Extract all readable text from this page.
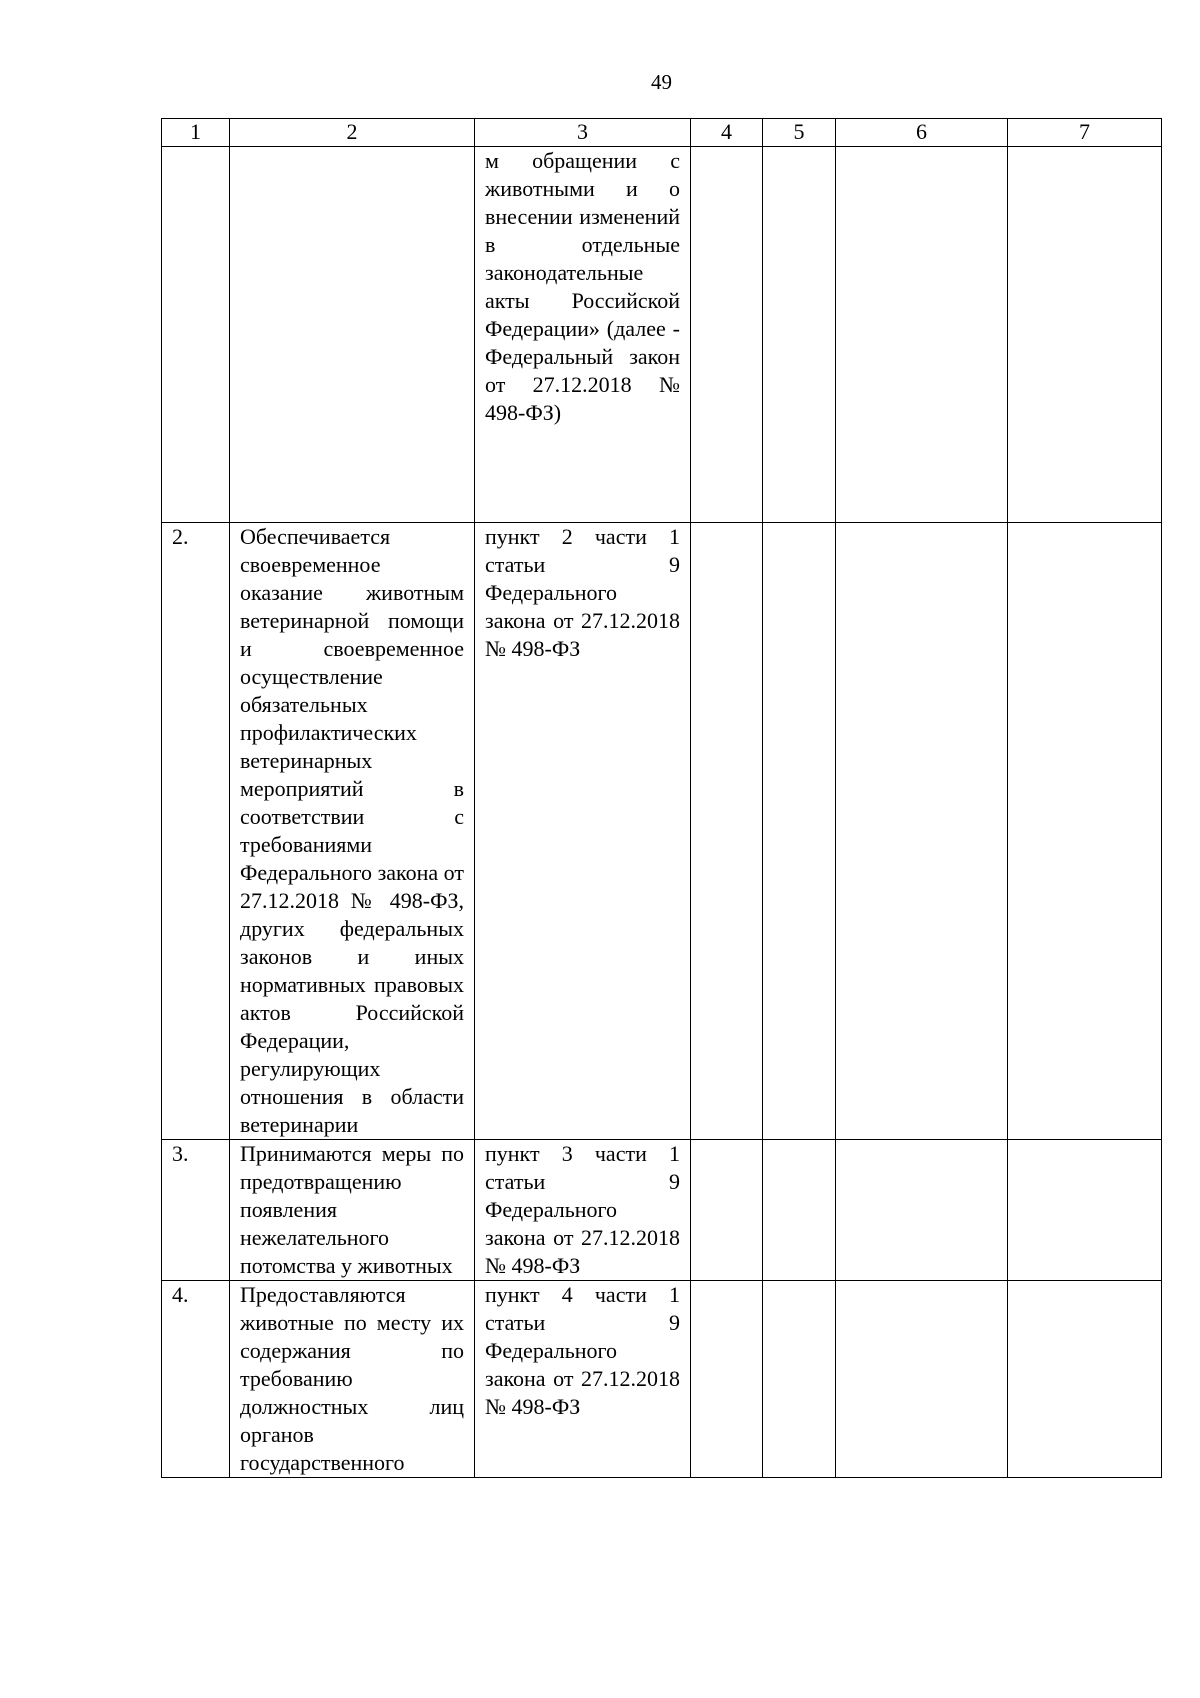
49
1	2	3	4	5	6	7
		м обращении с животными и о внесении изменений в отдельные законодательные акты Российской Федерации» (далее - Федеральный закон от 27.12.2018 № 498-ФЗ)				
2.	Обеспечивается своевременное оказание животным ветеринарной помощи и своевременное осуществление обязательных профилактических ветеринарных мероприятий в соответствии с требованиями Федерального закона от 27.12.2018 № 498-ФЗ, других федеральных законов и иных нормативных правовых актов Российской Федерации, регулирующих отношения в области ветеринарии	пункт 2 части 1 статьи 9 Федерального закона от 27.12.2018 № 498-ФЗ				
3.	Принимаются меры по предотвращению появления нежелательного потомства у животных	пункт 3 части 1 статьи 9 Федерального закона от 27.12.2018 № 498-ФЗ				
4.	Предоставляются животные по месту их содержания по требованию должностных лиц органов государственного	пункт 4 части 1 статьи 9 Федерального закона от 27.12.2018 № 498-ФЗ				
